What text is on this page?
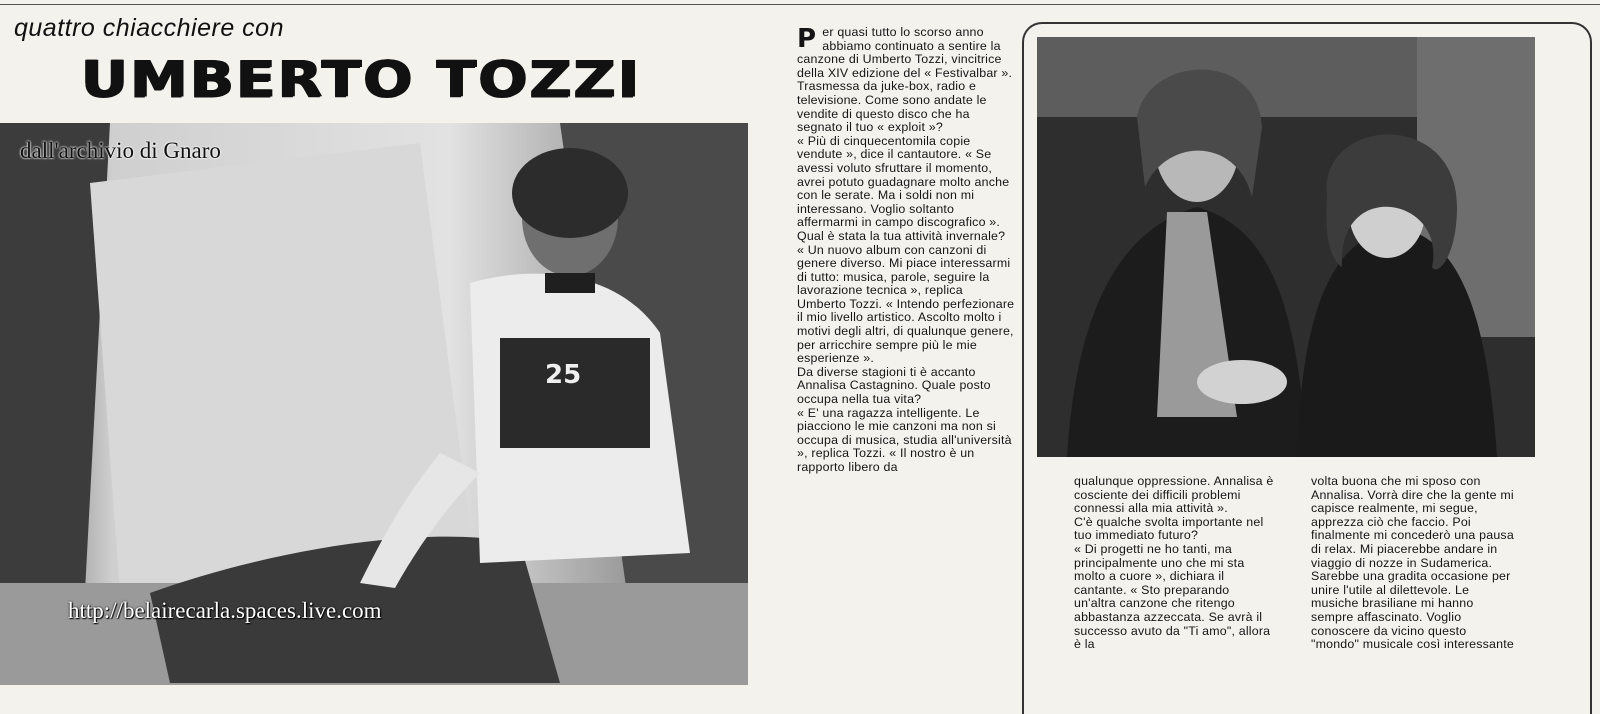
quattro chiacchiere con
UMBERTO TOZZI
25
dall'archivio di Gnaro
http://belairecarla.spaces.live.com
P er quasi tutto lo scorso anno abbiamo continuato a sentire la canzone di Umberto Tozzi, vincitrice della XIV edizione del « Festivalbar ». Trasmessa da juke-box, radio e televisione. Come sono andate le vendite di questo disco che ha segnato il tuo « exploit »?
« Più di cinquecentomila copie vendute », dice il cantautore. « Se avessi voluto sfruttare il momento, avrei potuto guadagnare molto anche con le serate. Ma i soldi non mi interessano. Voglio soltanto affermarmi in campo discografico ».
Qual è stata la tua attività invernale?
« Un nuovo album con canzoni di genere diverso. Mi piace interessarmi di tutto: musica, parole, seguire la lavorazione tecnica », replica Umberto Tozzi. « Intendo perfezionare il mio livello artistico. Ascolto molto i motivi degli altri, di qualunque genere, per arricchire sempre più le mie esperienze ».
Da diverse stagioni ti è accanto Annalisa Castagnino. Quale posto occupa nella tua vita?
« E' una ragazza intelligente. Le piacciono le mie canzoni ma non si occupa di musica, studia all'università », replica Tozzi. « Il nostro è un rapporto libero da

qualunque oppressione. Annalisa è cosciente dei difficili problemi connessi alla mia attività ».
C'è qualche svolta importante nel tuo immediato futuro?
« Di progetti ne ho tanti, ma principalmente uno che mi sta molto a cuore », dichiara il cantante. « Sto preparando un'altra canzone che ritengo abbastanza azzeccata. Se avrà il successo avuto da "Ti amo", allora è la

volta buona che mi sposo con Annalisa. Vorrà dire che la gente mi capisce realmente, mi segue, apprezza ciò che faccio. Poi finalmente mi concederò una pausa di relax. Mi piacerebbe andare in viaggio di nozze in Sudamerica. Sarebbe una gradita occasione per unire l'utile al dilettevole. Le musiche brasiliane mi hanno sempre affascinato. Voglio conoscere da vicino questo "mondo" musicale così interessante
